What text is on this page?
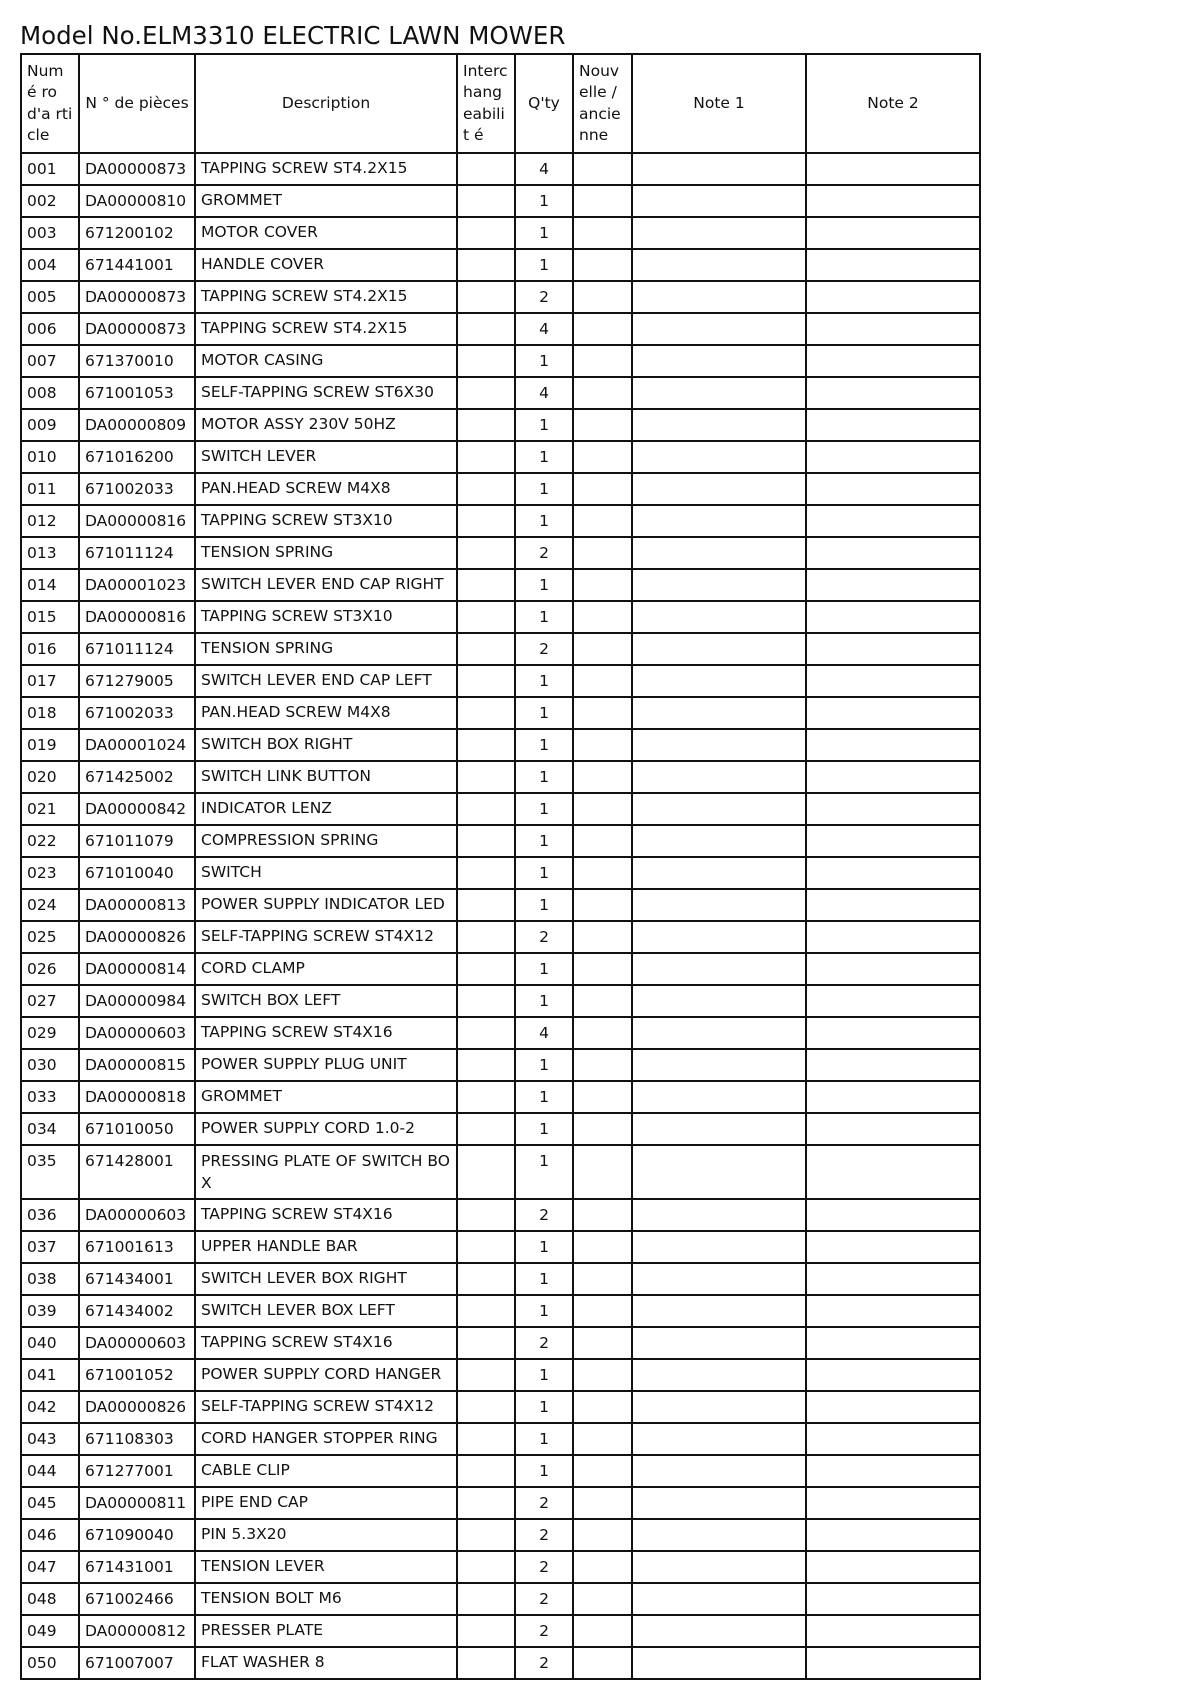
Model No.ELM3310 ELECTRIC LAWN MOWER
Numé ro d'a rticle	N ° de pièces	Description	Interc hang eabilit é	Q'ty	Nouv elle / ancie nne	Note 1	Note 2
001	DA00000873	TAPPING SCREW ST4.2X15		4			
002	DA00000810	GROMMET		1			
003	671200102	MOTOR COVER		1			
004	671441001	HANDLE COVER		1			
005	DA00000873	TAPPING SCREW ST4.2X15		2			
006	DA00000873	TAPPING SCREW ST4.2X15		4			
007	671370010	MOTOR CASING		1			
008	671001053	SELF-TAPPING SCREW ST6X30		4			
009	DA00000809	MOTOR ASSY 230V 50HZ		1			
010	671016200	SWITCH LEVER		1			
011	671002033	PAN.HEAD SCREW M4X8		1			
012	DA00000816	TAPPING SCREW ST3X10		1			
013	671011124	TENSION SPRING		2			
014	DA00001023	SWITCH LEVER END CAP RIGHT		1			
015	DA00000816	TAPPING SCREW ST3X10		1			
016	671011124	TENSION SPRING		2			
017	671279005	SWITCH LEVER END CAP LEFT		1			
018	671002033	PAN.HEAD SCREW M4X8		1			
019	DA00001024	SWITCH BOX RIGHT		1			
020	671425002	SWITCH LINK BUTTON		1			
021	DA00000842	INDICATOR LENZ		1			
022	671011079	COMPRESSION SPRING		1			
023	671010040	SWITCH		1			
024	DA00000813	POWER SUPPLY INDICATOR LED		1			
025	DA00000826	SELF-TAPPING SCREW ST4X12		2			
026	DA00000814	CORD CLAMP		1			
027	DA00000984	SWITCH BOX LEFT		1			
029	DA00000603	TAPPING SCREW ST4X16		4			
030	DA00000815	POWER SUPPLY PLUG UNIT		1			
033	DA00000818	GROMMET		1			
034	671010050	POWER SUPPLY CORD 1.0-2		1			
035	671428001	PRESSING PLATE OF SWITCH BOX		1			
036	DA00000603	TAPPING SCREW ST4X16		2			
037	671001613	UPPER HANDLE BAR		1			
038	671434001	SWITCH LEVER BOX RIGHT		1			
039	671434002	SWITCH LEVER BOX LEFT		1			
040	DA00000603	TAPPING SCREW ST4X16		2			
041	671001052	POWER SUPPLY CORD HANGER		1			
042	DA00000826	SELF-TAPPING SCREW ST4X12		1			
043	671108303	CORD HANGER STOPPER RING		1			
044	671277001	CABLE CLIP		1			
045	DA00000811	PIPE END CAP		2			
046	671090040	PIN 5.3X20		2			
047	671431001	TENSION LEVER		2			
048	671002466	TENSION BOLT M6		2			
049	DA00000812	PRESSER PLATE		2			
050	671007007	FLAT WASHER 8		2			
